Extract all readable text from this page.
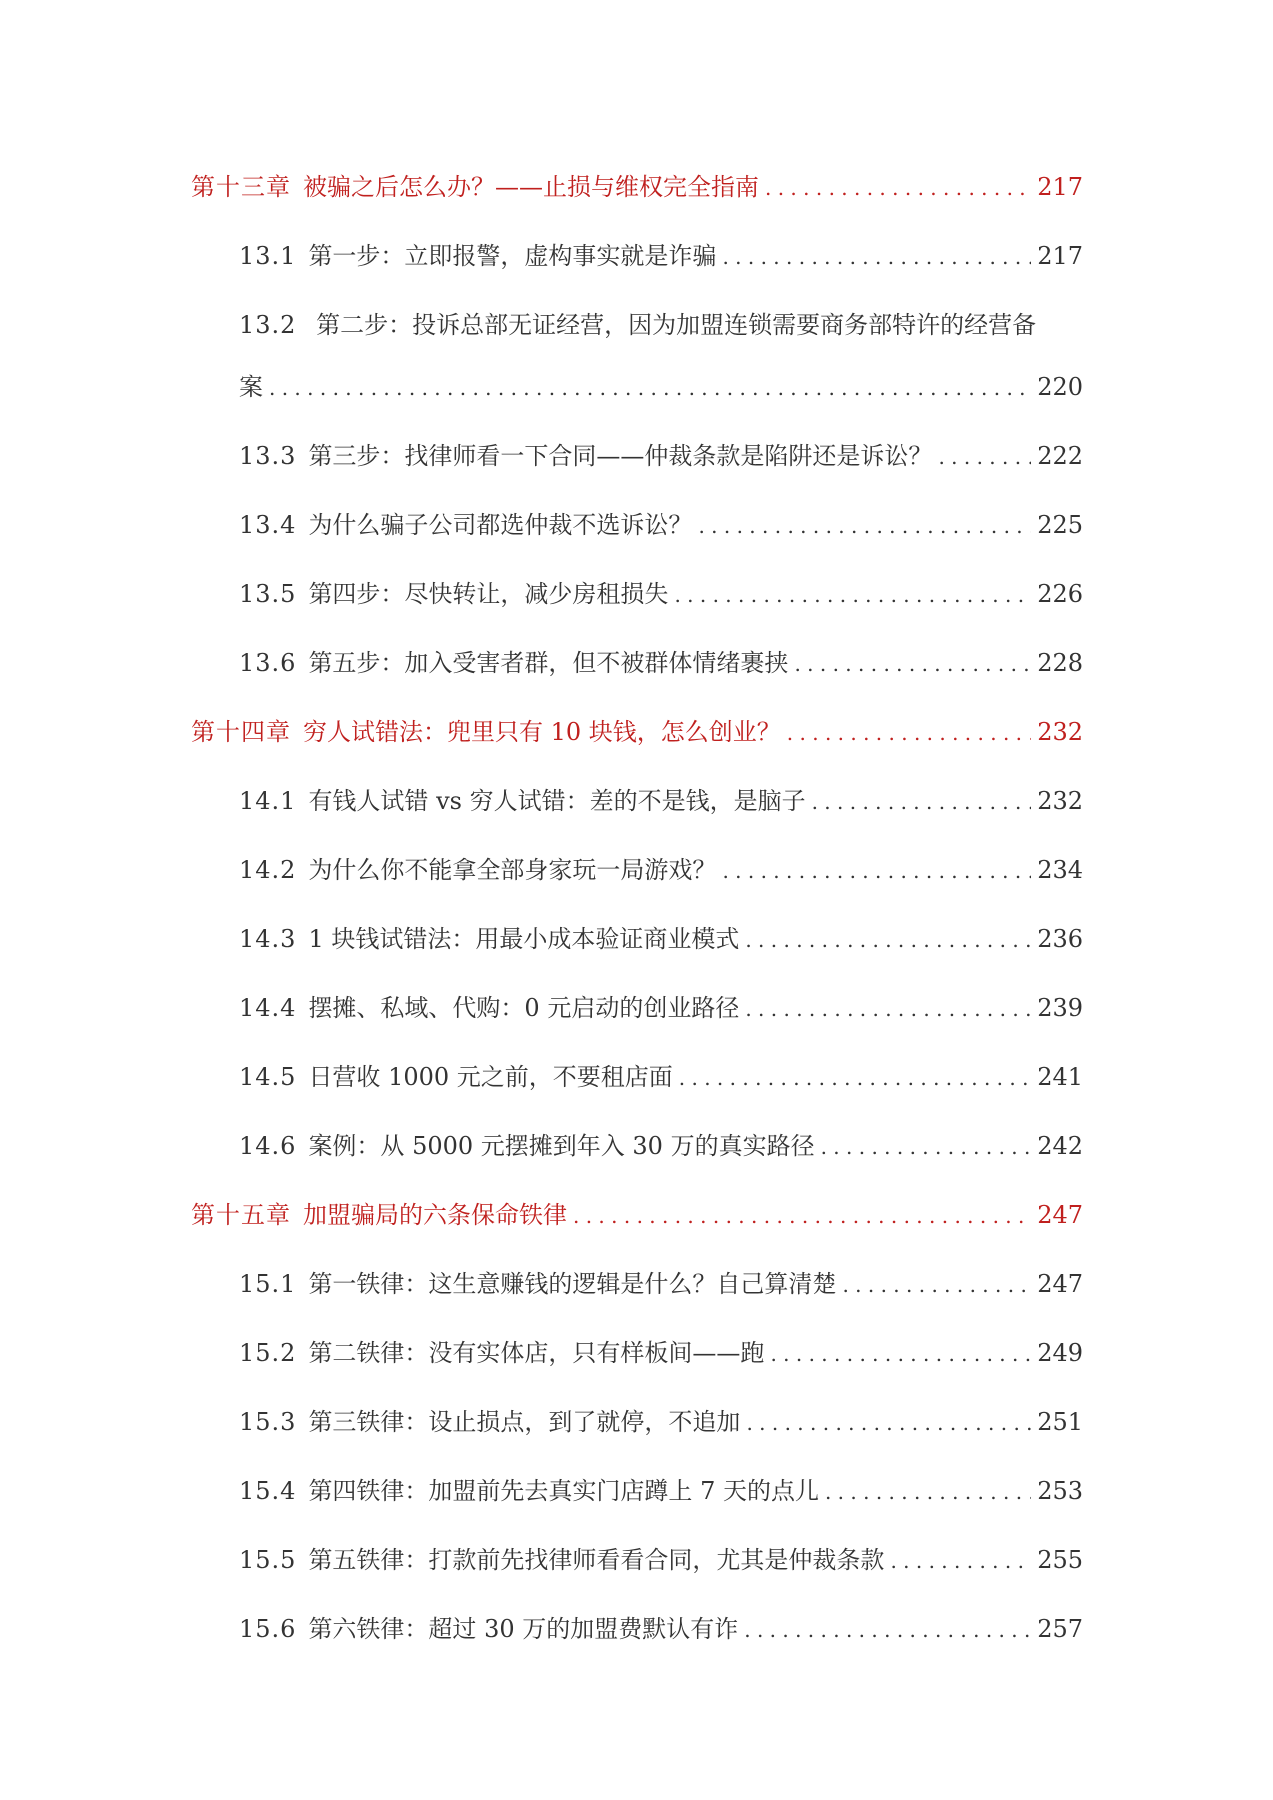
第十三章 被骗之后怎么办？——止损与维权完全指南 . . .	217
13.1 第一步：立即报警，虚构事实就是诈骗 . . .	217
13.2 第二步：投诉总部无证经营，因为加盟连锁需要商务部特许的经营备
案 . . .	220
13.3 第三步：找律师看一下合同——仲裁条款是陷阱还是诉讼？ . . .	222
13.4 为什么骗子公司都选仲裁不选诉讼？ . . .	225
13.5 第四步：尽快转让，减少房租损失 . . .	226
13.6 第五步：加入受害者群，但不被群体情绪裹挟 . . .	228
第十四章 穷人试错法：兜里只有 10 块钱，怎么创业？ . . .	232
14.1 有钱人试错 vs 穷人试错：差的不是钱，是脑子 . . .	232
14.2 为什么你不能拿全部身家玩一局游戏？ . . .	234
14.3 1 块钱试错法：用最小成本验证商业模式 . . .	236
14.4 摆摊、私域、代购：0 元启动的创业路径 . . .	239
14.5 日营收 1000 元之前，不要租店面 . . .	241
14.6 案例：从 5000 元摆摊到年入 30 万的真实路径 . . .	242
第十五章 加盟骗局的六条保命铁律 . . .	247
15.1 第一铁律：这生意赚钱的逻辑是什么？自己算清楚 . . .	247
15.2 第二铁律：没有实体店，只有样板间——跑 . . .	249
15.3 第三铁律：设止损点，到了就停，不追加 . . .	251
15.4 第四铁律：加盟前先去真实门店蹲上 7 天的点儿 . . .	253
15.5 第五铁律：打款前先找律师看看合同，尤其是仲裁条款 . . .	255
15.6 第六铁律：超过 30 万的加盟费默认有诈 . . .	257
